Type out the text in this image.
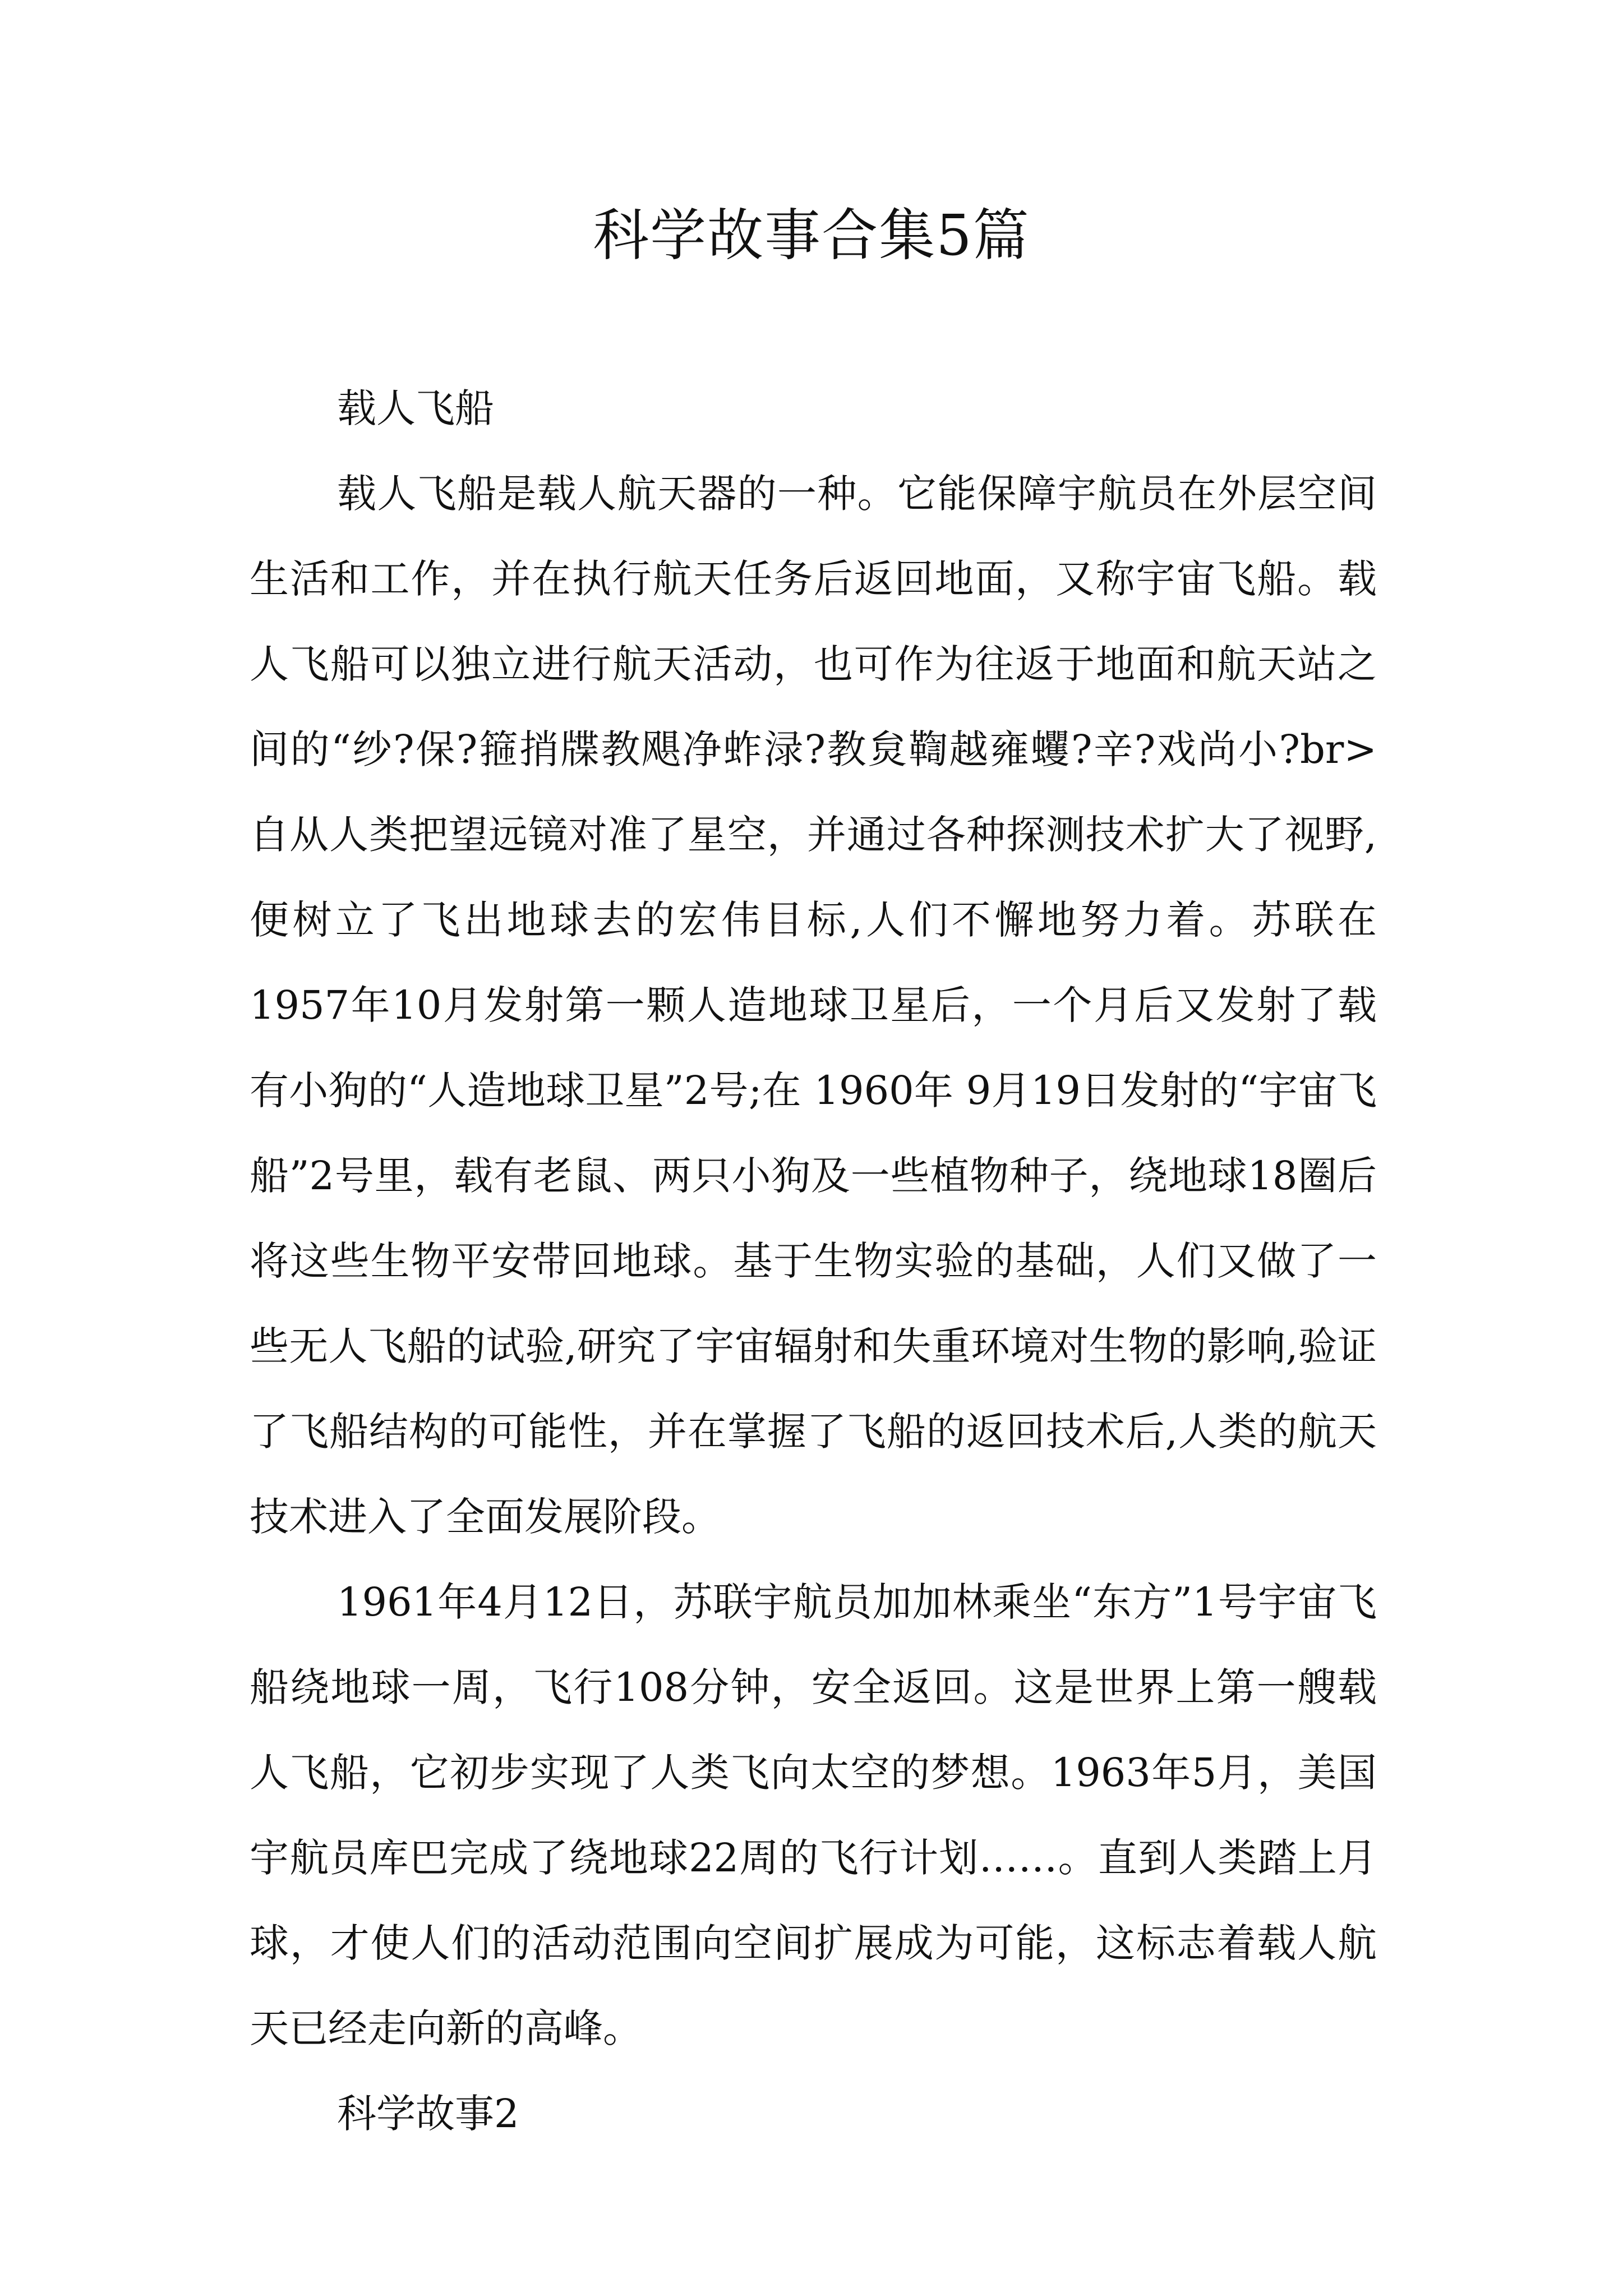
科学故事合集5篇

载人飞船

载人飞船是载人航天器的一种。它能保障宇航员在外层空间生活和工作，并在执行航天任务后返回地面，又称宇宙飞船。载人飞船可以独立进行航天活动，也可作为往返于地面和航天站之间的“纱?保?箍捎牒教飓净蚱渌?教炱鞫越雍蠼?辛?戏尚小?br> 自从人类把望远镜对准了星空，并通过各种探测技术扩大了视野,便树立了飞出地球去的宏伟目标,人们不懈地努力着。苏联在1957年10月发射第一颗人造地球卫星后，一个月后又发射了载有小狗的“人造地球卫星”2号;在 1960年 9月19日发射的“宇宙飞船”2号里，载有老鼠、两只小狗及一些植物种子，绕地球18圈后将这些生物平安带回地球。基于生物实验的基础，人们又做了一些无人飞船的试验,研究了宇宙辐射和失重环境对生物的影响,验证了飞船结构的可能性，并在掌握了飞船的返回技术后,人类的航天技术进入了全面发展阶段。

1961年4月12日，苏联宇航员加加林乘坐“东方”1号宇宙飞船绕地球一周，飞行108分钟，安全返回。这是世界上第一艘载人飞船，它初步实现了人类飞向太空的梦想。1963年5月，美国宇航员库巴完成了绕地球22周的飞行计划……。直到人类踏上月球，才使人们的活动范围向空间扩展成为可能，这标志着载人航天已经走向新的高峰。

科学故事2
